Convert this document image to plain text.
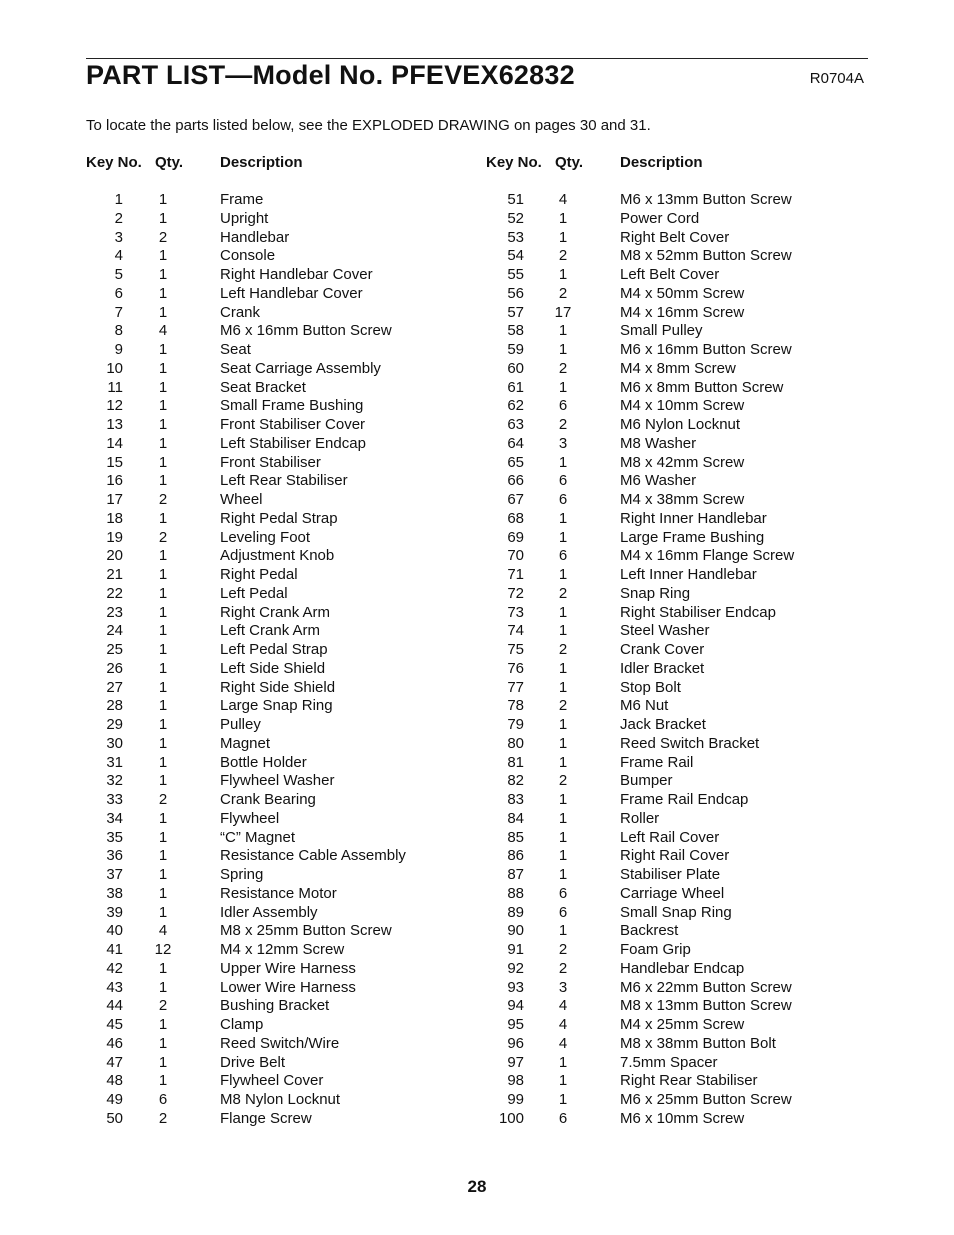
PART LIST—Model No. PFEVEX62832	R0704A
To locate the parts listed below, see the EXPLODED DRAWING on pages 30 and 31.
Key No. Qty. Description
1	1	Frame
2	1	Upright
3	2	Handlebar
4	1	Console
5	1	Right Handlebar Cover
6	1	Left Handlebar Cover
7	1	Crank
8	4	M6 x 16mm Button Screw
9	1	Seat
10	1	Seat Carriage Assembly
11	1	Seat Bracket
12	1	Small Frame Bushing
13	1	Front Stabiliser Cover
14	1	Left Stabiliser Endcap
15	1	Front Stabiliser
16	1	Left Rear Stabiliser
17	2	Wheel
18	1	Right Pedal Strap
19	2	Leveling Foot
20	1	Adjustment Knob
21	1	Right Pedal
22	1	Left Pedal
23	1	Right Crank Arm
24	1	Left Crank Arm
25	1	Left Pedal Strap
26	1	Left Side Shield
27	1	Right Side Shield
28	1	Large Snap Ring
29	1	Pulley
30	1	Magnet
31	1	Bottle Holder
32	1	Flywheel Washer
33	2	Crank Bearing
34	1	Flywheel
35	1	“C” Magnet
36	1	Resistance Cable Assembly
37	1	Spring
38	1	Resistance Motor
39	1	Idler Assembly
40	4	M8 x 25mm Button Screw
41	12	M4 x 12mm Screw
42	1	Upper Wire Harness
43	1	Lower Wire Harness
44	2	Bushing Bracket
45	1	Clamp
46	1	Reed Switch/Wire
47	1	Drive Belt
48	1	Flywheel Cover
49	6	M8 Nylon Locknut
50	2	Flange Screw
Key No. Qty. Description
51	4	M6 x 13mm Button Screw
52	1	Power Cord
53	1	Right Belt Cover
54	2	M8 x 52mm Button Screw
55	1	Left Belt Cover
56	2	M4 x 50mm Screw
57	17	M4 x 16mm Screw
58	1	Small Pulley
59	1	M6 x 16mm Button Screw
60	2	M4 x 8mm Screw
61	1	M6 x 8mm Button Screw
62	6	M4 x 10mm Screw
63	2	M6 Nylon Locknut
64	3	M8 Washer
65	1	M8 x 42mm Screw
66	6	M6 Washer
67	6	M4 x 38mm Screw
68	1	Right Inner Handlebar
69	1	Large Frame Bushing
70	6	M4 x 16mm Flange Screw
71	1	Left Inner Handlebar
72	2	Snap Ring
73	1	Right Stabiliser Endcap
74	1	Steel Washer
75	2	Crank Cover
76	1	Idler Bracket
77	1	Stop Bolt
78	2	M6 Nut
79	1	Jack Bracket
80	1	Reed Switch Bracket
81	1	Frame Rail
82	2	Bumper
83	1	Frame Rail Endcap
84	1	Roller
85	1	Left Rail Cover
86	1	Right Rail Cover
87	1	Stabiliser Plate
88	6	Carriage Wheel
89	6	Small Snap Ring
90	1	Backrest
91	2	Foam Grip
92	2	Handlebar Endcap
93	3	M6 x 22mm Button Screw
94	4	M8 x 13mm Button Screw
95	4	M4 x 25mm Screw
96	4	M8 x 38mm Button Bolt
97	1	7.5mm Spacer
98	1	Right Rear Stabiliser
99	1	M6 x 25mm Button Screw
100	6	M6 x 10mm Screw
28
